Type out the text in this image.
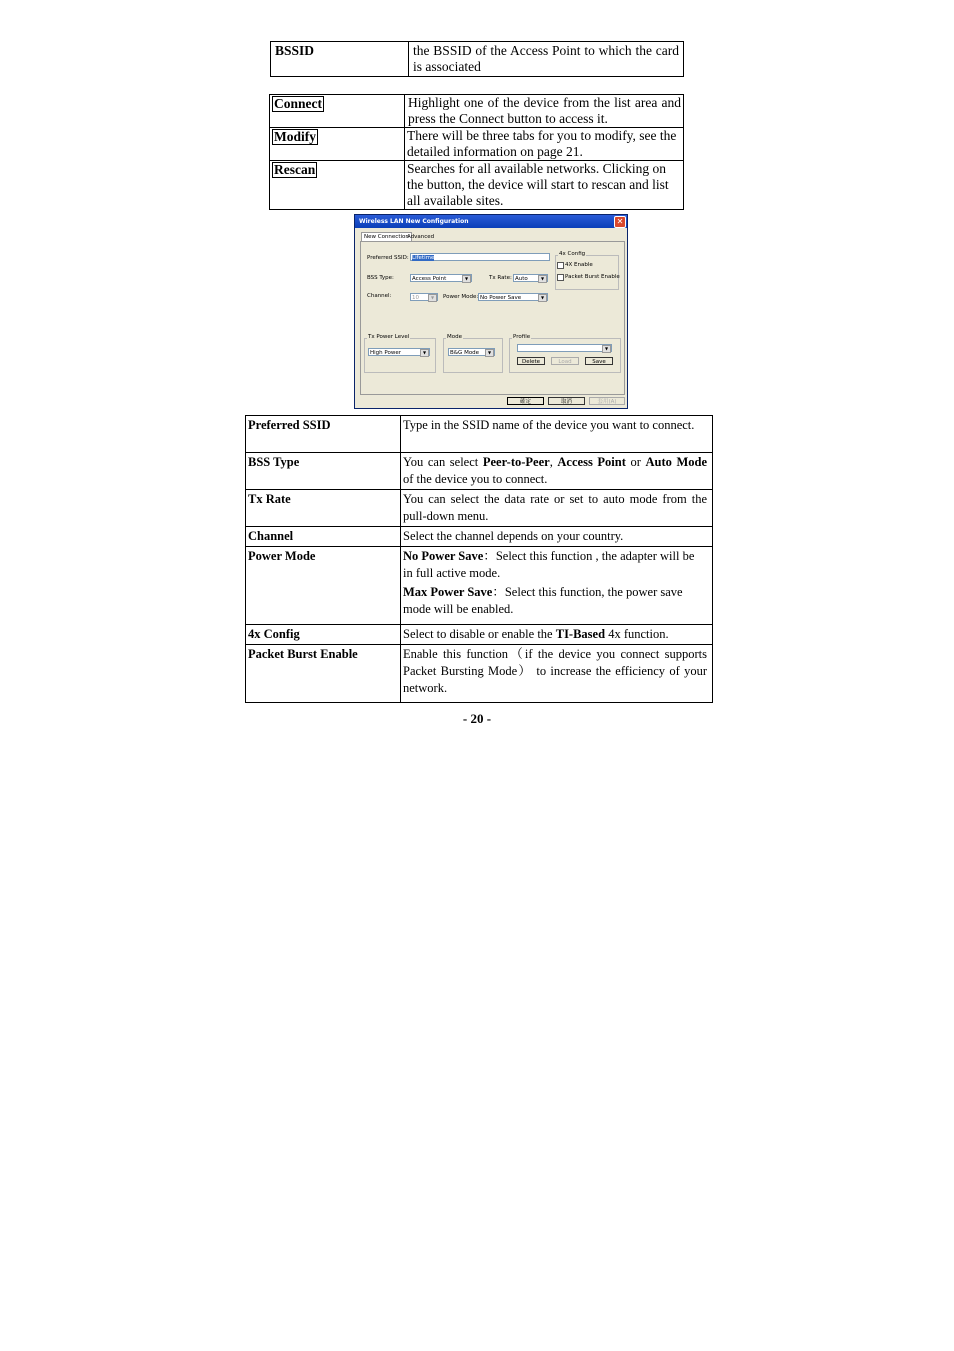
BSSID	the BSSID of the Access Point to which the card is associated
Connect	Highlight one of the device from the list area and press the Connect button to access it.
Modify	There will be three tabs for you to modify, see the detailed information on page 21.
Rescan	Searches for all available networks. Clicking on the button, the device will start to rescan and list all available sites.
Wireless LAN New Configuration	✕
New Connection
Advanced
Preferred SSID: Lifetime
BSS Type:	Access Point	▼	Tx Rate: Auto	▼
Channel:	10	▼	Power Mode: No Power Save	▼
4x Config
4X Enable
Packet Burst Enable
Tx Power Level
High Power	▼
Mode
B&G Mode	▼
Profile
▼
Delete	Load	Save
確定	取消	套用(A)
Preferred SSID	Type in the SSID name of the device you want to connect.
BSS Type	You can select Peer-to-Peer, Access Point or Auto Mode of the device you to connect.
Tx Rate	You can select the data rate or set to auto mode from the pull-down menu.
Channel	Select the channel depends on your country.
Power Mode	No Power Save：Select this function , the adapter will be in full active mode.

Max Power Save：Select this function, the power save mode will be enabled.

4x Config	Select to disable or enable the TI-Based 4x function.
Packet Burst Enable	Enable this function（if the device you connect supports Packet Bursting Mode） to increase the efficiency of your network.
- 20 -
